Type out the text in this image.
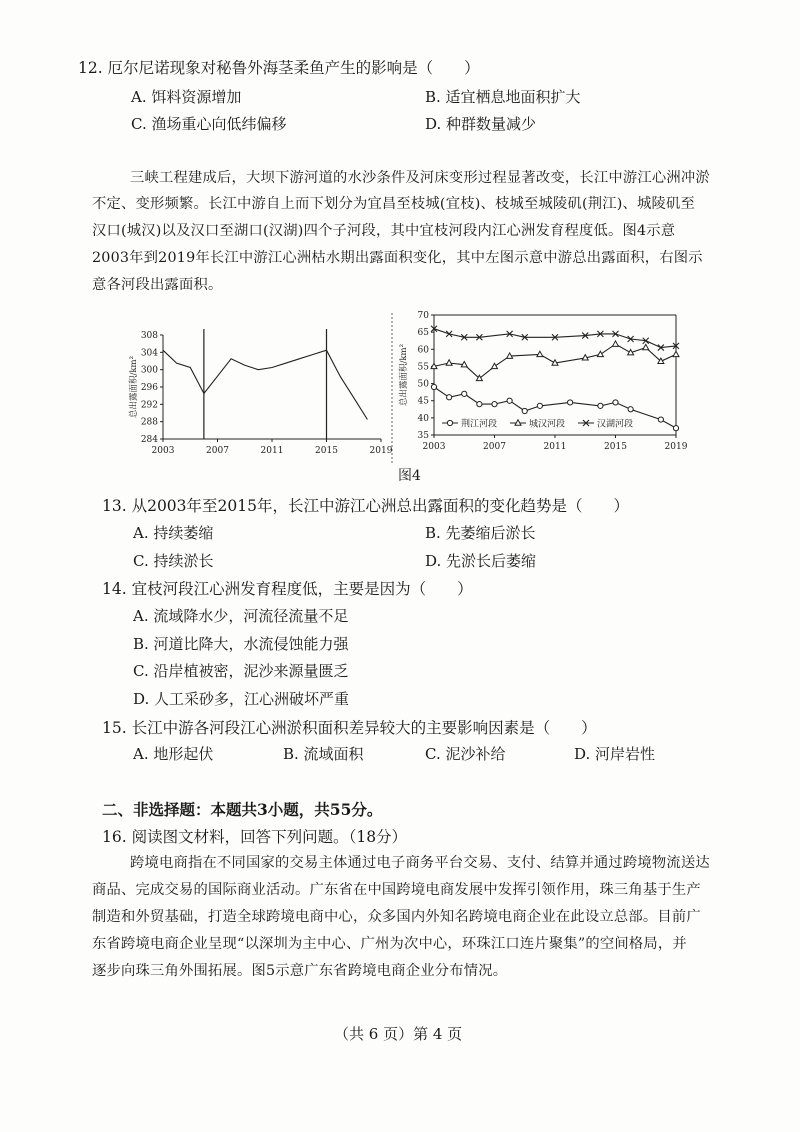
12. 厄尔尼诺现象对秘鲁外海茎柔鱼产生的影响是（　　）
A. 饵料资源增加	B. 适宜栖息地面积扩大
C. 渔场重心向低纬偏移	D. 种群数量减少
三峡工程建成后，大坝下游河道的水沙条件及河床变形过程显著改变，长江中游江心洲冲淤
不定、变形频繁。长江中游自上而下划分为宜昌至枝城(宜枝)、枝城至城陵矶(荆江)、城陵矶至
汉口(城汉)以及汉口至湖口(汉湖)四个子河段，其中宜枝河段内江心洲发育程度低。图4示意
2003年到2019年长江中游江心洲枯水期出露面积变化，其中左图示意中游总出露面积，右图示
意各河段出露面积。
284
288
292
296
300
304
308
2003	2007	2011	2015	2019
总出露面积/km²
35
40
45
50
55
60
65
70
2003	2007	2011	2015	2019
总出露面积/km²
荆江河段	城汉河段	汉湖河段
图4
13. 从2003年至2015年，长江中游江心洲总出露面积的变化趋势是（　　）
A. 持续萎缩	B. 先萎缩后淤长
C. 持续淤长	D. 先淤长后萎缩
14. 宜枝河段江心洲发育程度低，主要是因为（　　）
A. 流域降水少，河流径流量不足
B. 河道比降大，水流侵蚀能力强
C. 沿岸植被密，泥沙来源量匮乏
D. 人工采砂多，江心洲破坏严重
15. 长江中游各河段江心洲淤积面积差异较大的主要影响因素是（　　）
A. 地形起伏	B. 流域面积	C. 泥沙补给	D. 河岸岩性
二、非选择题：本题共3小题，共55分。
16. 阅读图文材料，回答下列问题。（18分）
跨境电商指在不同国家的交易主体通过电子商务平台交易、支付、结算并通过跨境物流送达
商品、完成交易的国际商业活动。广东省在中国跨境电商发展中发挥引领作用，珠三角基于生产
制造和外贸基础，打造全球跨境电商中心，众多国内外知名跨境电商企业在此设立总部。目前广
东省跨境电商企业呈现“以深圳为主中心、广州为次中心，环珠江口连片聚集”的空间格局，并
逐步向珠三角外围拓展。图5示意广东省跨境电商企业分布情况。
（共 6 页）第 4 页
